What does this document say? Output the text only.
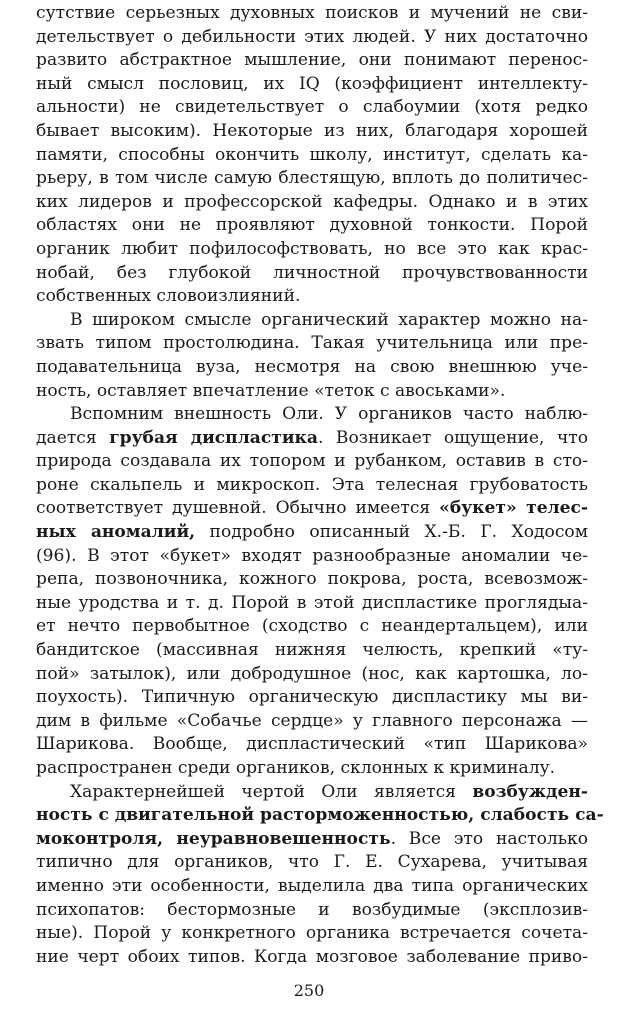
сутствие серьезных духовных поисков и мучений не сви-
детельствует о дебильности этих людей. У них достаточно
развито абстрактное мышление, они понимают перенос-
ный смысл пословиц, их IQ (коэффициент интеллекту-
альности) не свидетельствует о слабоумии (хотя редко
бывает высоким). Некоторые из них, благодаря хорошей
памяти, способны окончить школу, институт, сделать ка-
рьеру, в том числе самую блестящую, вплоть до политичес-
ких лидеров и профессорской кафедры. Однако и в этих
областях они не проявляют духовной тонкости. Порой
органик любит пофилософствовать, но все это как крас-
нобай, без глубокой личностной прочувствованности
собственных словоизлияний.
В широком смысле органический характер можно на-
звать типом простолюдина. Такая учительница или пре-
подавательница вуза, несмотря на свою внешнюю уче-
ность, оставляет впечатление «теток с авоськами».
Вспомним внешность Оли. У органиков часто наблю-
дается грубая диспластика. Возникает ощущение, что
природа создавала их топором и рубанком, оставив в сто-
роне скальпель и микроскоп. Эта телесная грубоватость
соответствует душевной. Обычно имеется «букет» телес-
ных аномалий, подробно описанный Х.-Б. Г. Ходосом
(96). В этот «букет» входят разнообразные аномалии че-
репа, позвоночника, кожного покрова, роста, всевозмож-
ные уродства и т. д. Порой в этой диспластике проглядыа-
ет нечто первобытное (сходство с неандертальцем), или
бандитское (массивная нижняя челюсть, крепкий «ту-
пой» затылок), или добродушное (нос, как картошка, ло-
поухость). Типичную органическую диспластику мы ви-
дим в фильме «Собачье сердце» у главного персонажа —
Шарикова. Вообще, диспластический «тип Шарикова»
распространен среди органиков, склонных к криминалу.
Характернейшей чертой Оли является возбужден-
ность с двигательной расторможенностью, слабость са-
моконтроля, неуравновешенность. Все это настолько
типично для органиков, что Г. Е. Сухарева, учитывая
именно эти особенности, выделила два типа органических
психопатов: бестормозные и возбудимые (эксплозив-
ные). Порой у конкретного органика встречается сочета-
ние черт обоих типов. Когда мозговое заболевание приво-
250
